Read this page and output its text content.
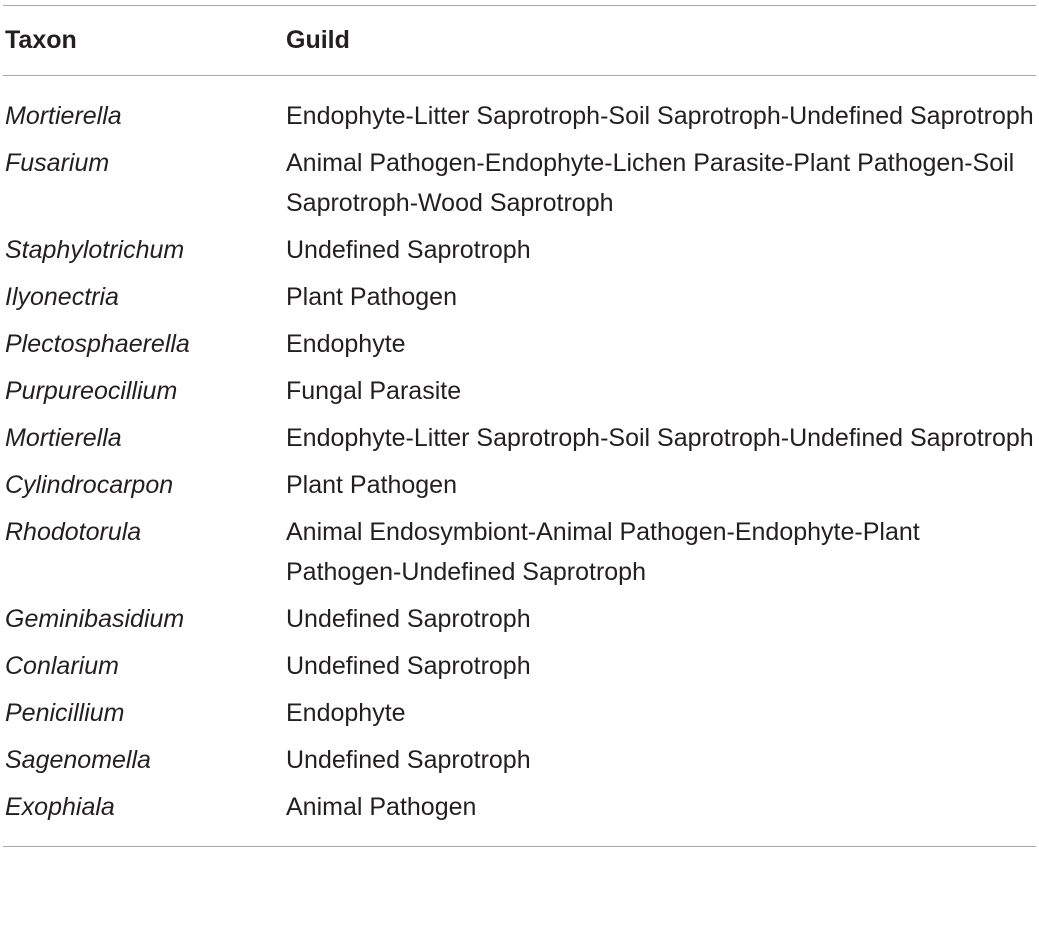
Taxon	Guild

Mortierella	Endophyte-Litter Saprotroph-Soil Saprotroph-Undefined Saprotroph
Fusarium	Animal Pathogen-Endophyte-Lichen Parasite-Plant Pathogen-Soil Saprotroph-Wood Saprotroph
Staphylotrichum	Undefined Saprotroph
Ilyonectria	Plant Pathogen
Plectosphaerella	Endophyte
Purpureocillium	Fungal Parasite
Mortierella	Endophyte-Litter Saprotroph-Soil Saprotroph-Undefined Saprotroph
Cylindrocarpon	Plant Pathogen
Rhodotorula	Animal Endosymbiont-Animal Pathogen-Endophyte-Plant Pathogen-Undefined Saprotroph
Geminibasidium	Undefined Saprotroph
Conlarium	Undefined Saprotroph
Penicillium	Endophyte
Sagenomella	Undefined Saprotroph
Exophiala	Animal Pathogen
